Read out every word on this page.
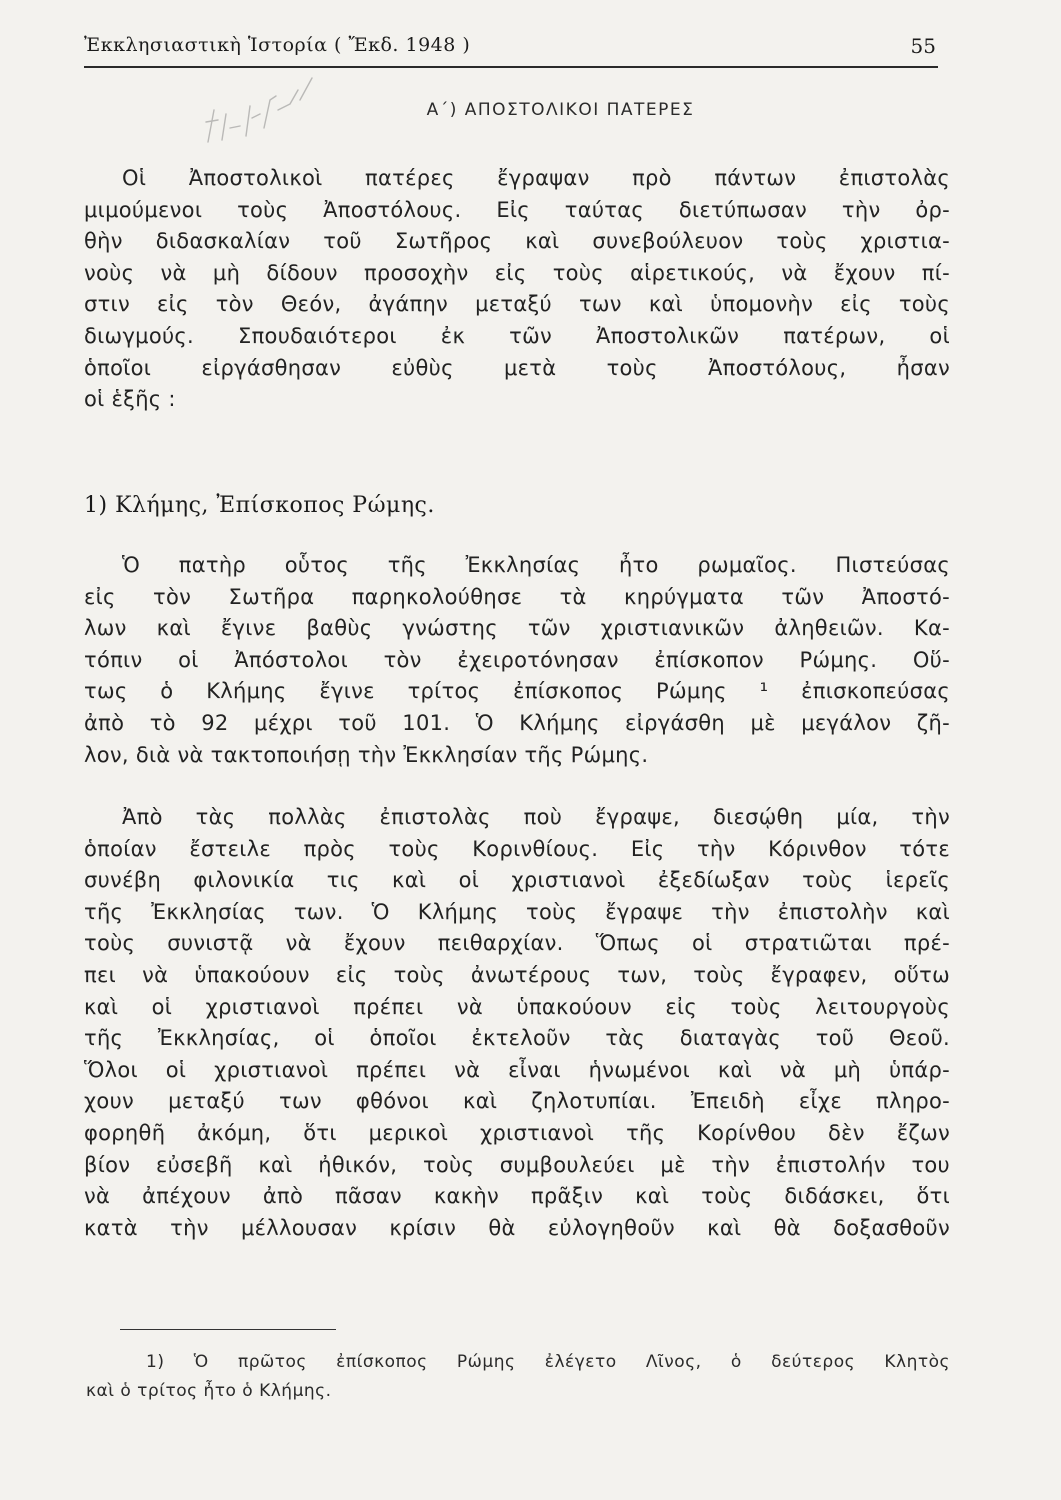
Ἐκκλησιαστικὴ Ἱστορία ( Ἔκδ. 1948 )	55
Α΄) ΑΠΟΣΤΟΛΙΚΟΙ ΠΑΤΕΡΕΣ
Οἱ Ἀποστολικοὶ πατέρες ἔγραψαν πρὸ πάντων ἐπιστολὰς
μιμούμενοι τοὺς Ἀποστόλους. Εἰς ταύτας διετύπωσαν τὴν ὀρ-
θὴν διδασκαλίαν τοῦ Σωτῆρος καὶ συνεβούλευον τοὺς χριστια-
νοὺς νὰ μὴ δίδουν προσοχὴν εἰς τοὺς αἱρετικούς, νὰ ἔχουν πί-
στιν εἰς τὸν Θεόν, ἀγάπην μεταξύ των καὶ ὑπομονὴν εἰς τοὺς
διωγμούς. Σπουδαιότεροι ἐκ τῶν Ἀποστολικῶν πατέρων, οἱ
ὁποῖοι εἰργάσθησαν εὐθὺς μετὰ τοὺς Ἀποστόλους, ἦσαν
οἱ ἑξῆς :
1) Κλήμης, Ἐπίσκοπος Ρώμης.
Ὁ πατὴρ οὗτος τῆς Ἐκκλησίας ἦτο ρωμαῖος. Πιστεύσας
εἰς τὸν Σωτῆρα παρηκολούθησε τὰ κηρύγματα τῶν Ἀποστό-
λων καὶ ἔγινε βαθὺς γνώστης τῶν χριστιανικῶν ἀληθειῶν. Κα-
τόπιν οἱ Ἀπόστολοι τὸν ἐχειροτόνησαν ἐπίσκοπον Ρώμης. Οὕ-
τως ὁ Κλήμης ἔγινε τρίτος ἐπίσκοπος Ρώμης ¹ ἐπισκοπεύσας
ἀπὸ τὸ 92 μέχρι τοῦ 101. Ὁ Κλήμης εἰργάσθη μὲ μεγάλον ζῆ-
λον, διὰ νὰ τακτοποιήσῃ τὴν Ἐκκλησίαν τῆς Ρώμης.
Ἀπὸ τὰς πολλὰς ἐπιστολὰς ποὺ ἔγραψε, διεσῴθη μία, τὴν
ὁποίαν ἔστειλε πρὸς τοὺς Κορινθίους. Εἰς τὴν Κόρινθον τότε
συνέβη φιλονικία τις καὶ οἱ χριστιανοὶ ἐξεδίωξαν τοὺς ἱερεῖς
τῆς Ἐκκλησίας των. Ὁ Κλήμης τοὺς ἔγραψε τὴν ἐπιστολὴν καὶ
τοὺς συνιστᾷ νὰ ἔχουν πειθαρχίαν. Ὅπως οἱ στρατιῶται πρέ-
πει νὰ ὑπακούουν εἰς τοὺς ἀνωτέρους των, τοὺς ἔγραφεν, οὕτω
καὶ οἱ χριστιανοὶ πρέπει νὰ ὑπακούουν εἰς τοὺς λειτουργοὺς
τῆς Ἐκκλησίας, οἱ ὁποῖοι ἐκτελοῦν τὰς διαταγὰς τοῦ Θεοῦ.
Ὅλοι οἱ χριστιανοὶ πρέπει νὰ εἶναι ἡνωμένοι καὶ νὰ μὴ ὑπάρ-
χουν μεταξύ των φθόνοι καὶ ζηλοτυπίαι. Ἐπειδὴ εἶχε πληρο-
φορηθῆ ἀκόμη, ὅτι μερικοὶ χριστιανοὶ τῆς Κορίνθου δὲν ἔζων
βίον εὐσεβῆ καὶ ἠθικόν, τοὺς συμβουλεύει μὲ τὴν ἐπιστολήν του
νὰ ἀπέχουν ἀπὸ πᾶσαν κακὴν πρᾶξιν καὶ τοὺς διδάσκει, ὅτι
κατὰ τὴν μέλλουσαν κρίσιν θὰ εὐλογηθοῦν καὶ θὰ δοξασθοῦν
1) Ὁ πρῶτος ἐπίσκοπος Ρώμης ἐλέγετο Λῖνος, ὁ δεύτερος Κλητὸς
καὶ ὁ τρίτος ἦτο ὁ Κλήμης.
